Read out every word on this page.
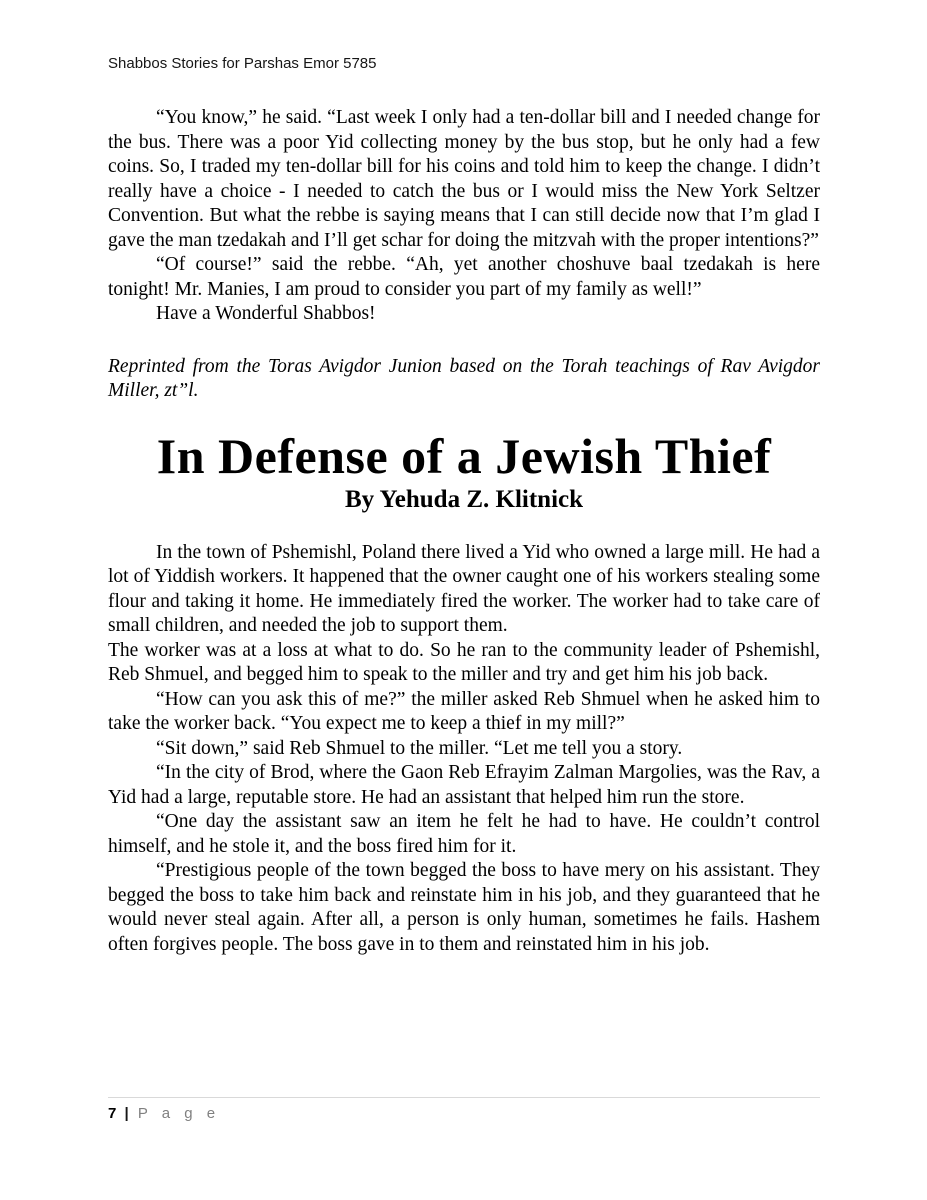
Shabbos Stories for Parshas Emor 5785

“You know,” he said. “Last week I only had a ten-dollar bill and I needed change for the bus. There was a poor Yid collecting money by the bus stop, but he only had a few coins. So, I traded my ten-dollar bill for his coins and told him to keep the change. I didn’t really have a choice - I needed to catch the bus or I would miss the New York Seltzer Convention. But what the rebbe is saying means that I can still decide now that I’m glad I gave the man tzedakah and I’ll get schar for doing the mitzvah with the proper intentions?”

“Of course!” said the rebbe. “Ah, yet another choshuve baal tzedakah is here tonight! Mr. Manies, I am proud to consider you part of my family as well!”

Have a Wonderful Shabbos!

Reprinted from the Toras Avigdor Junion based on the Torah teachings of Rav Avigdor Miller, zt”l.

In Defense of a Jewish Thief
By Yehuda Z. Klitnick

In the town of Pshemishl, Poland there lived a Yid who owned a large mill. He had a lot of Yiddish workers. It happened that the owner caught one of his workers stealing some flour and taking it home. He immediately fired the worker. The worker had to take care of small children, and needed the job to support them.

The worker was at a loss at what to do. So he ran to the community leader of Pshemishl, Reb Shmuel, and begged him to speak to the miller and try and get him his job back.

“How can you ask this of me?” the miller asked Reb Shmuel when he asked him to take the worker back. “You expect me to keep a thief in my mill?”

“Sit down,” said Reb Shmuel to the miller. “Let me tell you a story.

“In the city of Brod, where the Gaon Reb Efrayim Zalman Margolies, was the Rav, a Yid had a large, reputable store. He had an assistant that helped him run the store.

“One day the assistant saw an item he felt he had to have. He couldn’t control himself, and he stole it, and the boss fired him for it.

“Prestigious people of the town begged the boss to have mery on his assistant. They begged the boss to take him back and reinstate him in his job, and they guaranteed that he would never steal again. After all, a person is only human, sometimes he fails. Hashem often forgives people. The boss gave in to them and reinstated him in his job.

7 | P a g e
